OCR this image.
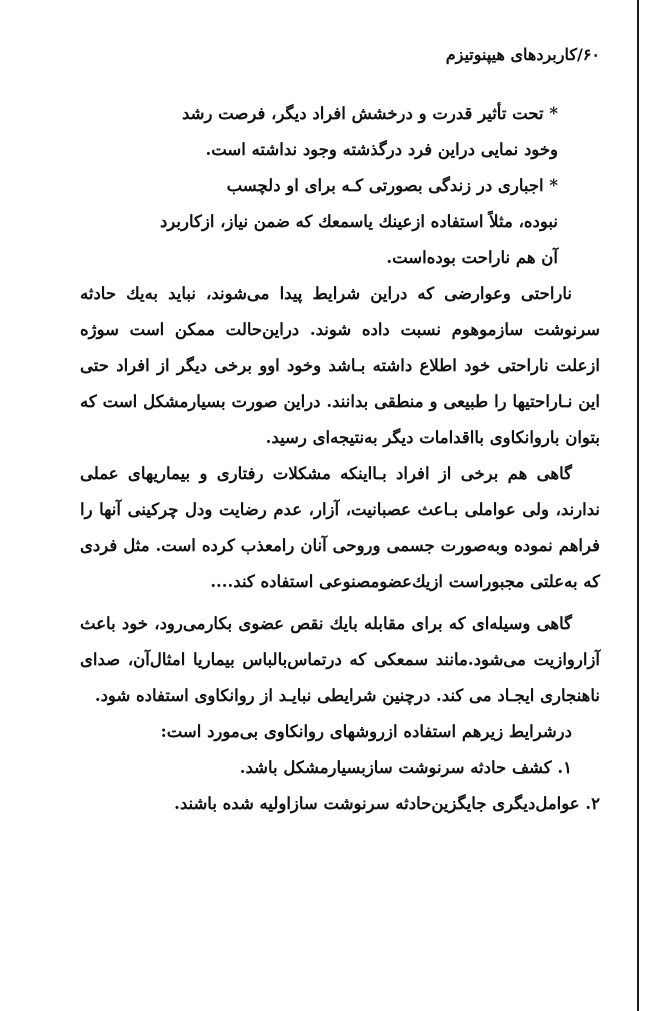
۶۰/کاربردهای هیپنوتیزم
* تحت تأثیر قدرت و درخشش افراد دیگر، فرصت رشد
وخود نمایی دراین فرد درگذشته وجود نداشته است.
* اجباری در زندگی بصورتی کـه برای او دلچسب
نبوده، مثلاً استفاده ازعینك یاسمعك که ضمن نیاز، ازکاربرد
آن هم ناراحت بوده‌است.

ناراحتی وعوارضی که دراین شرایط پیدا می‌شوند، نباید به‌یك حادثه سرنوشت سازموهوم نسبت داده شوند. دراین‌حالت ممکن است سوژه ازعلت ناراحتی خود اطلاع داشته بـاشد وخود اوو برخی دیگر از افراد حتی این نـاراحتیها را طبیعی و منطقی بدانند. دراین صورت بسیارمشکل است که بتوان باروانکاوی بااقدامات دیگر به‌نتیجه‌ای رسید.

گاهی هم برخی از افراد بـااینکه مشکلات رفتاری و بیماریهای عملی ندارند، ولی عواملی بـاعث عصبانیت، آزار، عدم رضایت ودل چرکینی آنها را فراهم نموده وبه‌صورت جسمی وروحی آنان رامعذب کرده است. مثل فردی که به‌علتی مجبوراست ازیك‌عضومصنوعی استفاده کند....

گاهی وسیله‌ای که برای مقابله بایك نقص عضوی بکارمی‌رود، خود باعث آزاروازیت می‌شود.مانند سمعکی که درتماس‌بالباس بیماریا امثال‌آن، صدای ناهنجاری ایجـاد می کند. درچنین شرایطی نبایـد از روانکاوی استفاده شود.

درشرایط زیرهم استفاده ازروشهای روانکاوی بی‌مورد است:
۱. کشف حادثه سرنوشت سازبسیارمشکل باشد.
۲. عوامل‌دیگری جایگزین‌حادثه سرنوشت سازاولیه شده باشند.
